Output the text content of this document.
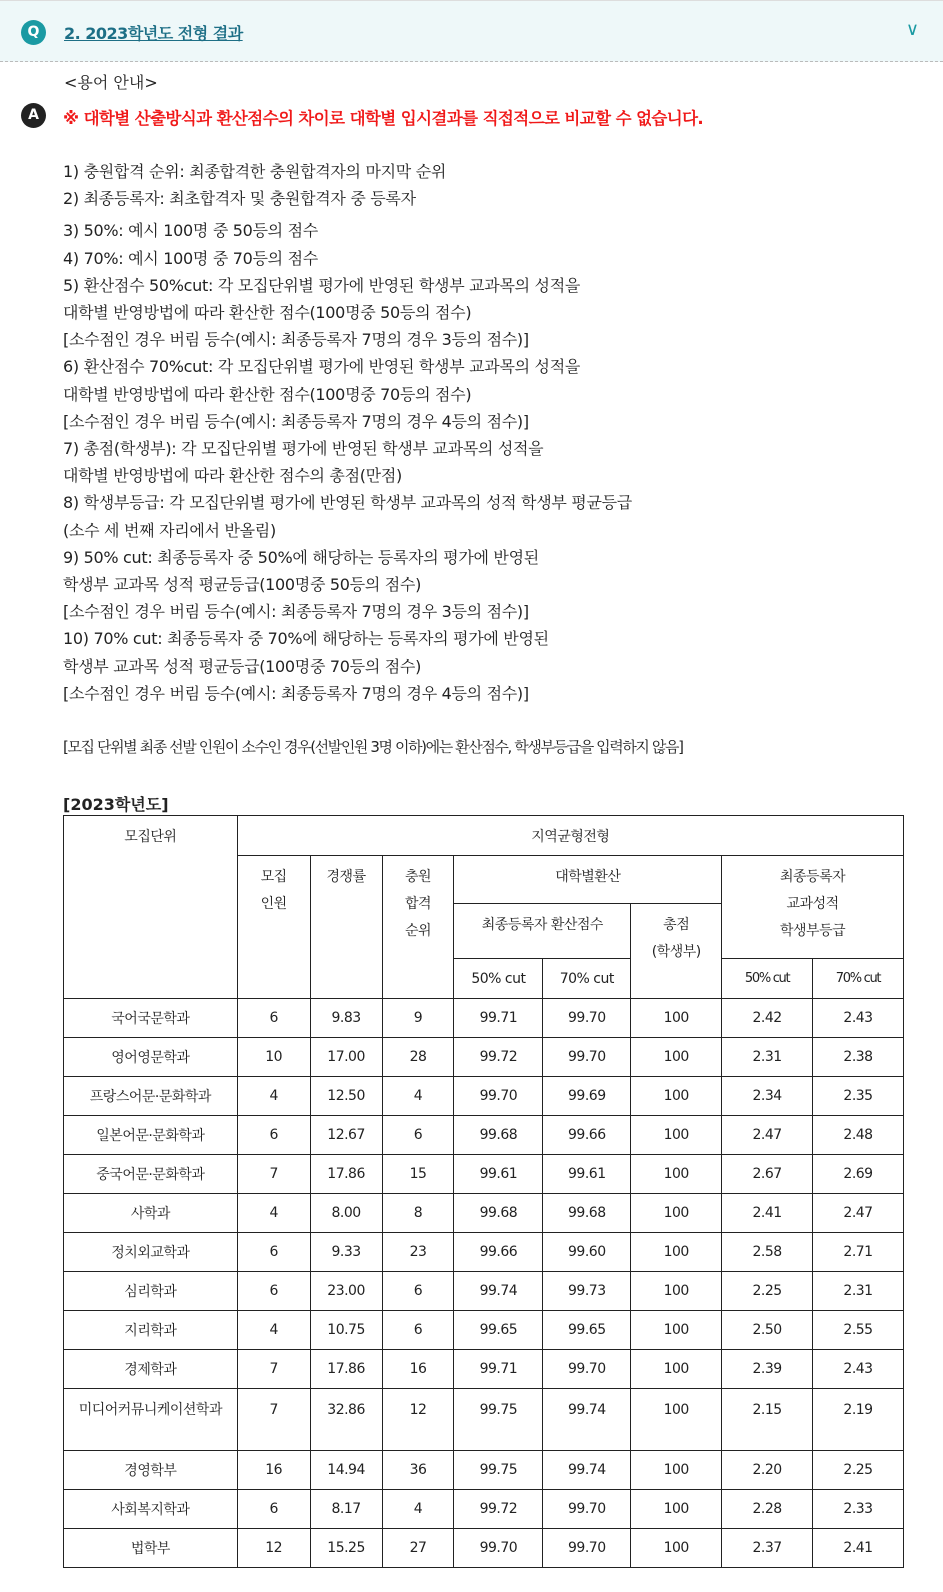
Q	2. 2023학년도 전형 결과	∨
A
<용어 안내>
※ 대학별 산출방식과 환산점수의 차이로 대학별 입시결과를 직접적으로 비교할 수 없습니다.
1) 충원합격 순위: 최종합격한 충원합격자의 마지막 순위
2) 최종등록자: 최초합격자 및 충원합격자 중 등록자
3) 50%: 예시 100명 중 50등의 점수
4) 70%: 예시 100명 중 70등의 점수
5) 환산점수 50%cut: 각 모집단위별 평가에 반영된 학생부 교과목의 성적을
대학별 반영방법에 따라 환산한 점수(100명중 50등의 점수)
[소수점인 경우 버림 등수(예시: 최종등록자 7명의 경우 3등의 점수)]
6) 환산점수 70%cut: 각 모집단위별 평가에 반영된 학생부 교과목의 성적을
대학별 반영방법에 따라 환산한 점수(100명중 70등의 점수)
[소수점인 경우 버림 등수(예시: 최종등록자 7명의 경우 4등의 점수)]
7) 총점(학생부): 각 모집단위별 평가에 반영된 학생부 교과목의 성적을
대학별 반영방법에 따라 환산한 점수의 총점(만점)
8) 학생부등급: 각 모집단위별 평가에 반영된 학생부 교과목의 성적 학생부 평균등급
(소수 세 번째 자리에서 반올림)
9) 50% cut: 최종등록자 중 50%에 해당하는 등록자의 평가에 반영된
학생부 교과목 성적 평균등급(100명중 50등의 점수)
[소수점인 경우 버림 등수(예시: 최종등록자 7명의 경우 3등의 점수)]
10) 70% cut: 최종등록자 중 70%에 해당하는 등록자의 평가에 반영된
학생부 교과목 성적 평균등급(100명중 70등의 점수)
[소수점인 경우 버림 등수(예시: 최종등록자 7명의 경우 4등의 점수)]
[모집 단위별 최종 선발 인원이 소수인 경우(선발인원 3명 이하)에는 환산점수, 학생부등급을 입력하지 않음]
[2023학년도]
모집단위	지역균형전형							
	모집
인원	경쟁률	충원
합격
순위	대학별환산			최종등록자
교과성적
학생부등급	
				최종등록자 환산점수		총점
(학생부)		
				50% cut	70% cut		50% cut	70% cut
국어국문학과	6	9.83	9	99.71	99.70	100	2.42	2.43
영어영문학과	10	17.00	28	99.72	99.70	100	2.31	2.38
프랑스어문·문화학과	4	12.50	4	99.70	99.69	100	2.34	2.35
일본어문·문화학과	6	12.67	6	99.68	99.66	100	2.47	2.48
중국어문·문화학과	7	17.86	15	99.61	99.61	100	2.67	2.69
사학과	4	8.00	8	99.68	99.68	100	2.41	2.47
정치외교학과	6	9.33	23	99.66	99.60	100	2.58	2.71
심리학과	6	23.00	6	99.74	99.73	100	2.25	2.31
지리학과	4	10.75	6	99.65	99.65	100	2.50	2.55
경제학과	7	17.86	16	99.71	99.70	100	2.39	2.43
미디어커뮤니케이션학과	7	32.86	12	99.75	99.74	100	2.15	2.19
경영학부	16	14.94	36	99.75	99.74	100	2.20	2.25
사회복지학과	6	8.17	4	99.72	99.70	100	2.28	2.33
법학부	12	15.25	27	99.70	99.70	100	2.37	2.41
